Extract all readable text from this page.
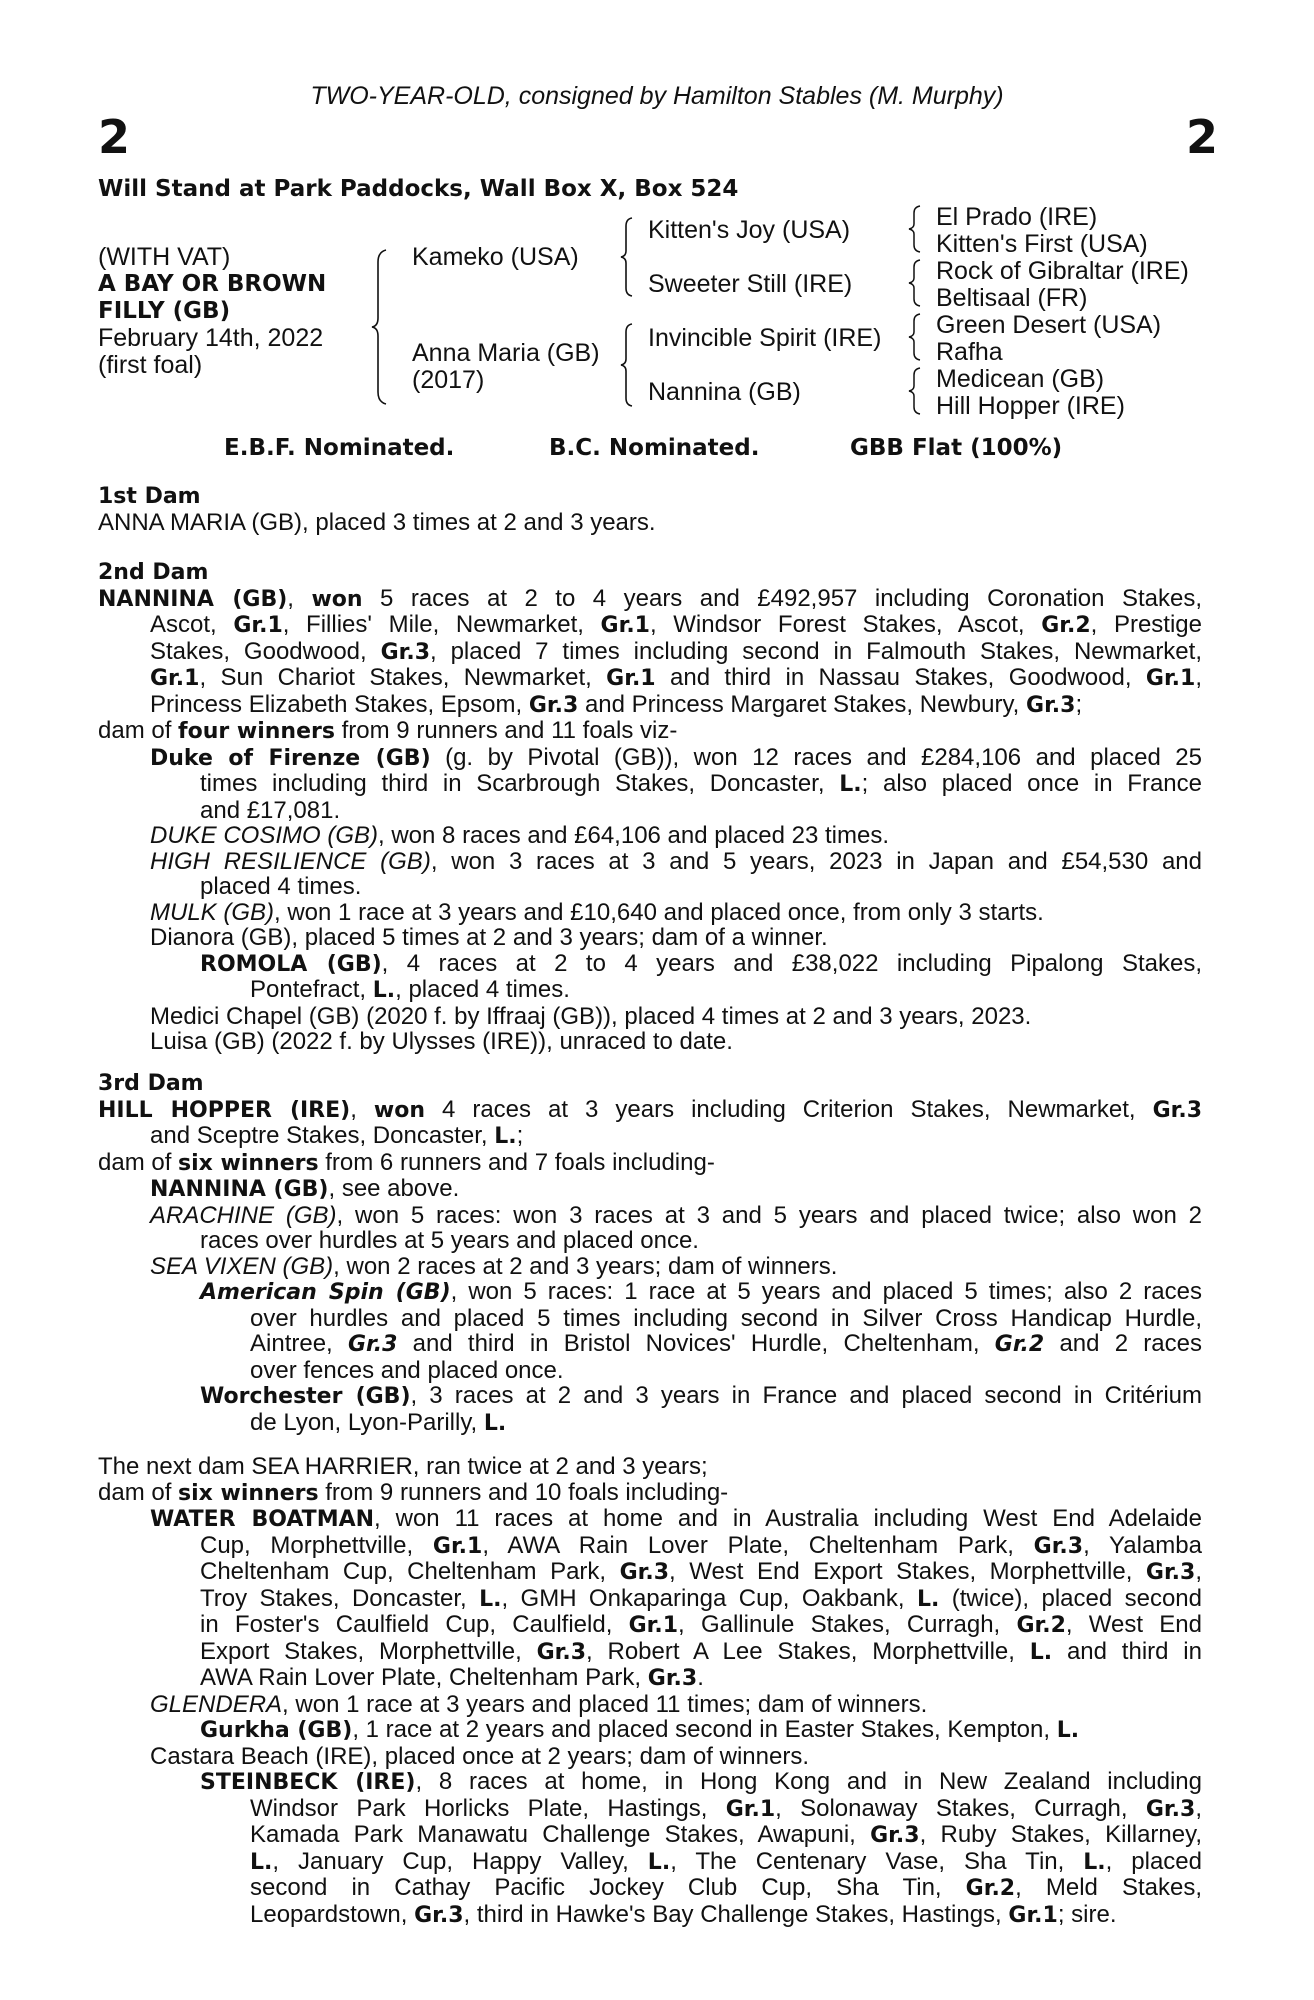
TWO-YEAR-OLD, consigned by Hamilton Stables (M. Murphy)
2	2
Will Stand at Park Paddocks, Wall Box X, Box 524
(WITH VAT)
A BAY OR BROWN
FILLY (GB)
February 14th, 2022
(first foal)
Kameko (USA)
Anna Maria (GB)
(2017)
Kitten's Joy (USA)
Sweeter Still (IRE)
Invincible Spirit (IRE)
Nannina (GB)
El Prado (IRE)
Kitten's First (USA)
Rock of Gibraltar (IRE)
Beltisaal (FR)
Green Desert (USA)
Rafha
Medicean (GB)
Hill Hopper (IRE)
E.B.F. Nominated.	B.C. Nominated.	GBB Flat (100%)
1st Dam
ANNA MARIA (GB), placed 3 times at 2 and 3 years.
2nd Dam
NANNINA (GB), won 5 races at 2 to 4 years and £492,957 including Coronation Stakes,
Ascot, Gr.1, Fillies' Mile, Newmarket, Gr.1, Windsor Forest Stakes, Ascot, Gr.2, Prestige
Stakes, Goodwood, Gr.3, placed 7 times including second in Falmouth Stakes, Newmarket,
Gr.1, Sun Chariot Stakes, Newmarket, Gr.1 and third in Nassau Stakes, Goodwood, Gr.1,
Princess Elizabeth Stakes, Epsom, Gr.3 and Princess Margaret Stakes, Newbury, Gr.3;
dam of four winners from 9 runners and 11 foals viz-
Duke of Firenze (GB) (g. by Pivotal (GB)), won 12 races and £284,106 and placed 25
times including third in Scarbrough Stakes, Doncaster, L.; also placed once in France
and £17,081.
DUKE COSIMO (GB), won 8 races and £64,106 and placed 23 times.
HIGH RESILIENCE (GB), won 3 races at 3 and 5 years, 2023 in Japan and £54,530 and
placed 4 times.
MULK (GB), won 1 race at 3 years and £10,640 and placed once, from only 3 starts.
Dianora (GB), placed 5 times at 2 and 3 years; dam of a winner.
ROMOLA (GB), 4 races at 2 to 4 years and £38,022 including Pipalong Stakes,
Pontefract, L., placed 4 times.
Medici Chapel (GB) (2020 f. by Iffraaj (GB)), placed 4 times at 2 and 3 years, 2023.
Luisa (GB) (2022 f. by Ulysses (IRE)), unraced to date.
3rd Dam
HILL HOPPER (IRE), won 4 races at 3 years including Criterion Stakes, Newmarket, Gr.3
and Sceptre Stakes, Doncaster, L.;
dam of six winners from 6 runners and 7 foals including-
NANNINA (GB), see above.
ARACHINE (GB), won 5 races: won 3 races at 3 and 5 years and placed twice; also won 2
races over hurdles at 5 years and placed once.
SEA VIXEN (GB), won 2 races at 2 and 3 years; dam of winners.
American Spin (GB), won 5 races: 1 race at 5 years and placed 5 times; also 2 races
over hurdles and placed 5 times including second in Silver Cross Handicap Hurdle,
Aintree, Gr.3 and third in Bristol Novices' Hurdle, Cheltenham, Gr.2 and 2 races
over fences and placed once.
Worchester (GB), 3 races at 2 and 3 years in France and placed second in Critérium
de Lyon, Lyon-Parilly, L.
The next dam SEA HARRIER, ran twice at 2 and 3 years;
dam of six winners from 9 runners and 10 foals including-
WATER BOATMAN, won 11 races at home and in Australia including West End Adelaide
Cup, Morphettville, Gr.1, AWA Rain Lover Plate, Cheltenham Park, Gr.3, Yalamba
Cheltenham Cup, Cheltenham Park, Gr.3, West End Export Stakes, Morphettville, Gr.3,
Troy Stakes, Doncaster, L., GMH Onkaparinga Cup, Oakbank, L. (twice), placed second
in Foster's Caulfield Cup, Caulfield, Gr.1, Gallinule Stakes, Curragh, Gr.2, West End
Export Stakes, Morphettville, Gr.3, Robert A Lee Stakes, Morphettville, L. and third in
AWA Rain Lover Plate, Cheltenham Park, Gr.3.
GLENDERA, won 1 race at 3 years and placed 11 times; dam of winners.
Gurkha (GB), 1 race at 2 years and placed second in Easter Stakes, Kempton, L.
Castara Beach (IRE), placed once at 2 years; dam of winners.
STEINBECK (IRE), 8 races at home, in Hong Kong and in New Zealand including
Windsor Park Horlicks Plate, Hastings, Gr.1, Solonaway Stakes, Curragh, Gr.3,
Kamada Park Manawatu Challenge Stakes, Awapuni, Gr.3, Ruby Stakes, Killarney,
L., January Cup, Happy Valley, L., The Centenary Vase, Sha Tin, L., placed
second in Cathay Pacific Jockey Club Cup, Sha Tin, Gr.2, Meld Stakes,
Leopardstown, Gr.3, third in Hawke's Bay Challenge Stakes, Hastings, Gr.1; sire.
